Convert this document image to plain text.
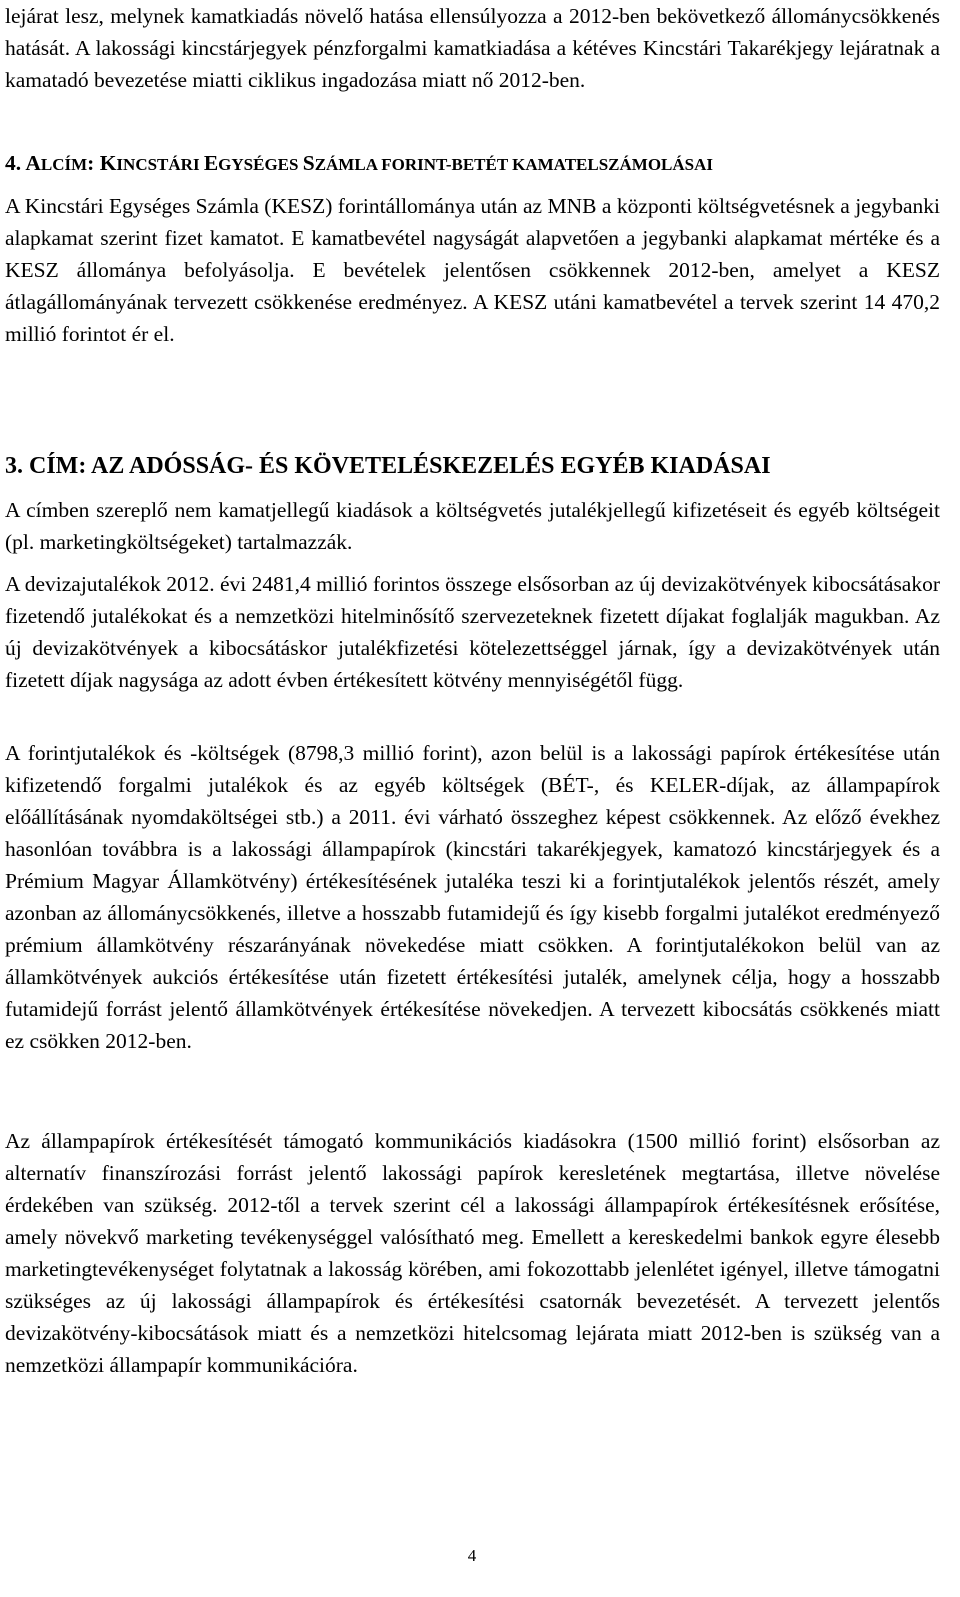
lejárat lesz, melynek kamatkiadás növelő hatása ellensúlyozza a 2012-ben bekövetkező állománycsökkenés hatását. A lakossági kincstárjegyek pénzforgalmi kamatkiadása a kétéves Kincstári Takarékjegy lejáratnak a kamatadó bevezetése miatti ciklikus ingadozása miatt nő 2012-ben.

4. ALCÍM: KINCSTÁRI EGYSÉGES SZÁMLA FORINT-BETÉT KAMATELSZÁMOLÁSAI

A Kincstári Egységes Számla (KESZ) forintállománya után az MNB a központi költségvetésnek a jegybanki alapkamat szerint fizet kamatot. E kamatbevétel nagyságát alapvetően a jegybanki alapkamat mértéke és a KESZ állománya befolyásolja. E bevételek jelentősen csökkennek 2012-ben, amelyet a KESZ átlagállományának tervezett csökkenése eredményez. A KESZ utáni kamatbevétel a tervek szerint 14 470,2 millió forintot ér el.

3. CÍM: AZ ADÓSSÁG- ÉS KÖVETELÉSKEZELÉS EGYÉB KIADÁSAI

A címben szereplő nem kamatjellegű kiadások a költségvetés jutalékjellegű kifizetéseit és egyéb költségeit (pl. marketingköltségeket) tartalmazzák.

A devizajutalékok 2012. évi 2481,4 millió forintos összege elsősorban az új devizakötvények kibocsátásakor fizetendő jutalékokat és a nemzetközi hitelminősítő szervezeteknek fizetett díjakat foglalják magukban. Az új devizakötvények a kibocsátáskor jutalékfizetési kötelezettséggel járnak, így a devizakötvények után fizetett díjak nagysága az adott évben értékesített kötvény mennyiségétől függ.

A forintjutalékok és -költségek (8798,3 millió forint), azon belül is a lakossági papírok értékesítése után kifizetendő forgalmi jutalékok és az egyéb költségek (BÉT-, és KELER-díjak, az állampapírok előállításának nyomdaköltségei stb.) a 2011. évi várható összeghez képest csökkennek. Az előző évekhez hasonlóan továbbra is a lakossági állampapírok (kincstári takarékjegyek, kamatozó kincstárjegyek és a Prémium Magyar Államkötvény) értékesítésének jutaléka teszi ki a forintjutalékok jelentős részét, amely azonban az állománycsökkenés, illetve a hosszabb futamidejű és így kisebb forgalmi jutalékot eredményező prémium államkötvény részarányának növekedése miatt csökken. A forintjutalékokon belül van az államkötvények aukciós értékesítése után fizetett értékesítési jutalék, amelynek célja, hogy a hosszabb futamidejű forrást jelentő államkötvények értékesítése növekedjen. A tervezett kibocsátás csökkenés miatt ez csökken 2012-ben.

Az állampapírok értékesítését támogató kommunikációs kiadásokra (1500 millió forint) elsősorban az alternatív finanszírozási forrást jelentő lakossági papírok keresletének megtartása, illetve növelése érdekében van szükség. 2012-től a tervek szerint cél a lakossági állampapírok értékesítésnek erősítése, amely növekvő marketing tevékenységgel valósítható meg. Emellett a kereskedelmi bankok egyre élesebb marketingtevékenységet folytatnak a lakosság körében, ami fokozottabb jelenlétet igényel, illetve támogatni szükséges az új lakossági állampapírok és értékesítési csatornák bevezetését. A tervezett jelentős devizakötvény-kibocsátások miatt és a nemzetközi hitelcsomag lejárata miatt 2012-ben is szükség van a nemzetközi állampapír kommunikációra.

4
